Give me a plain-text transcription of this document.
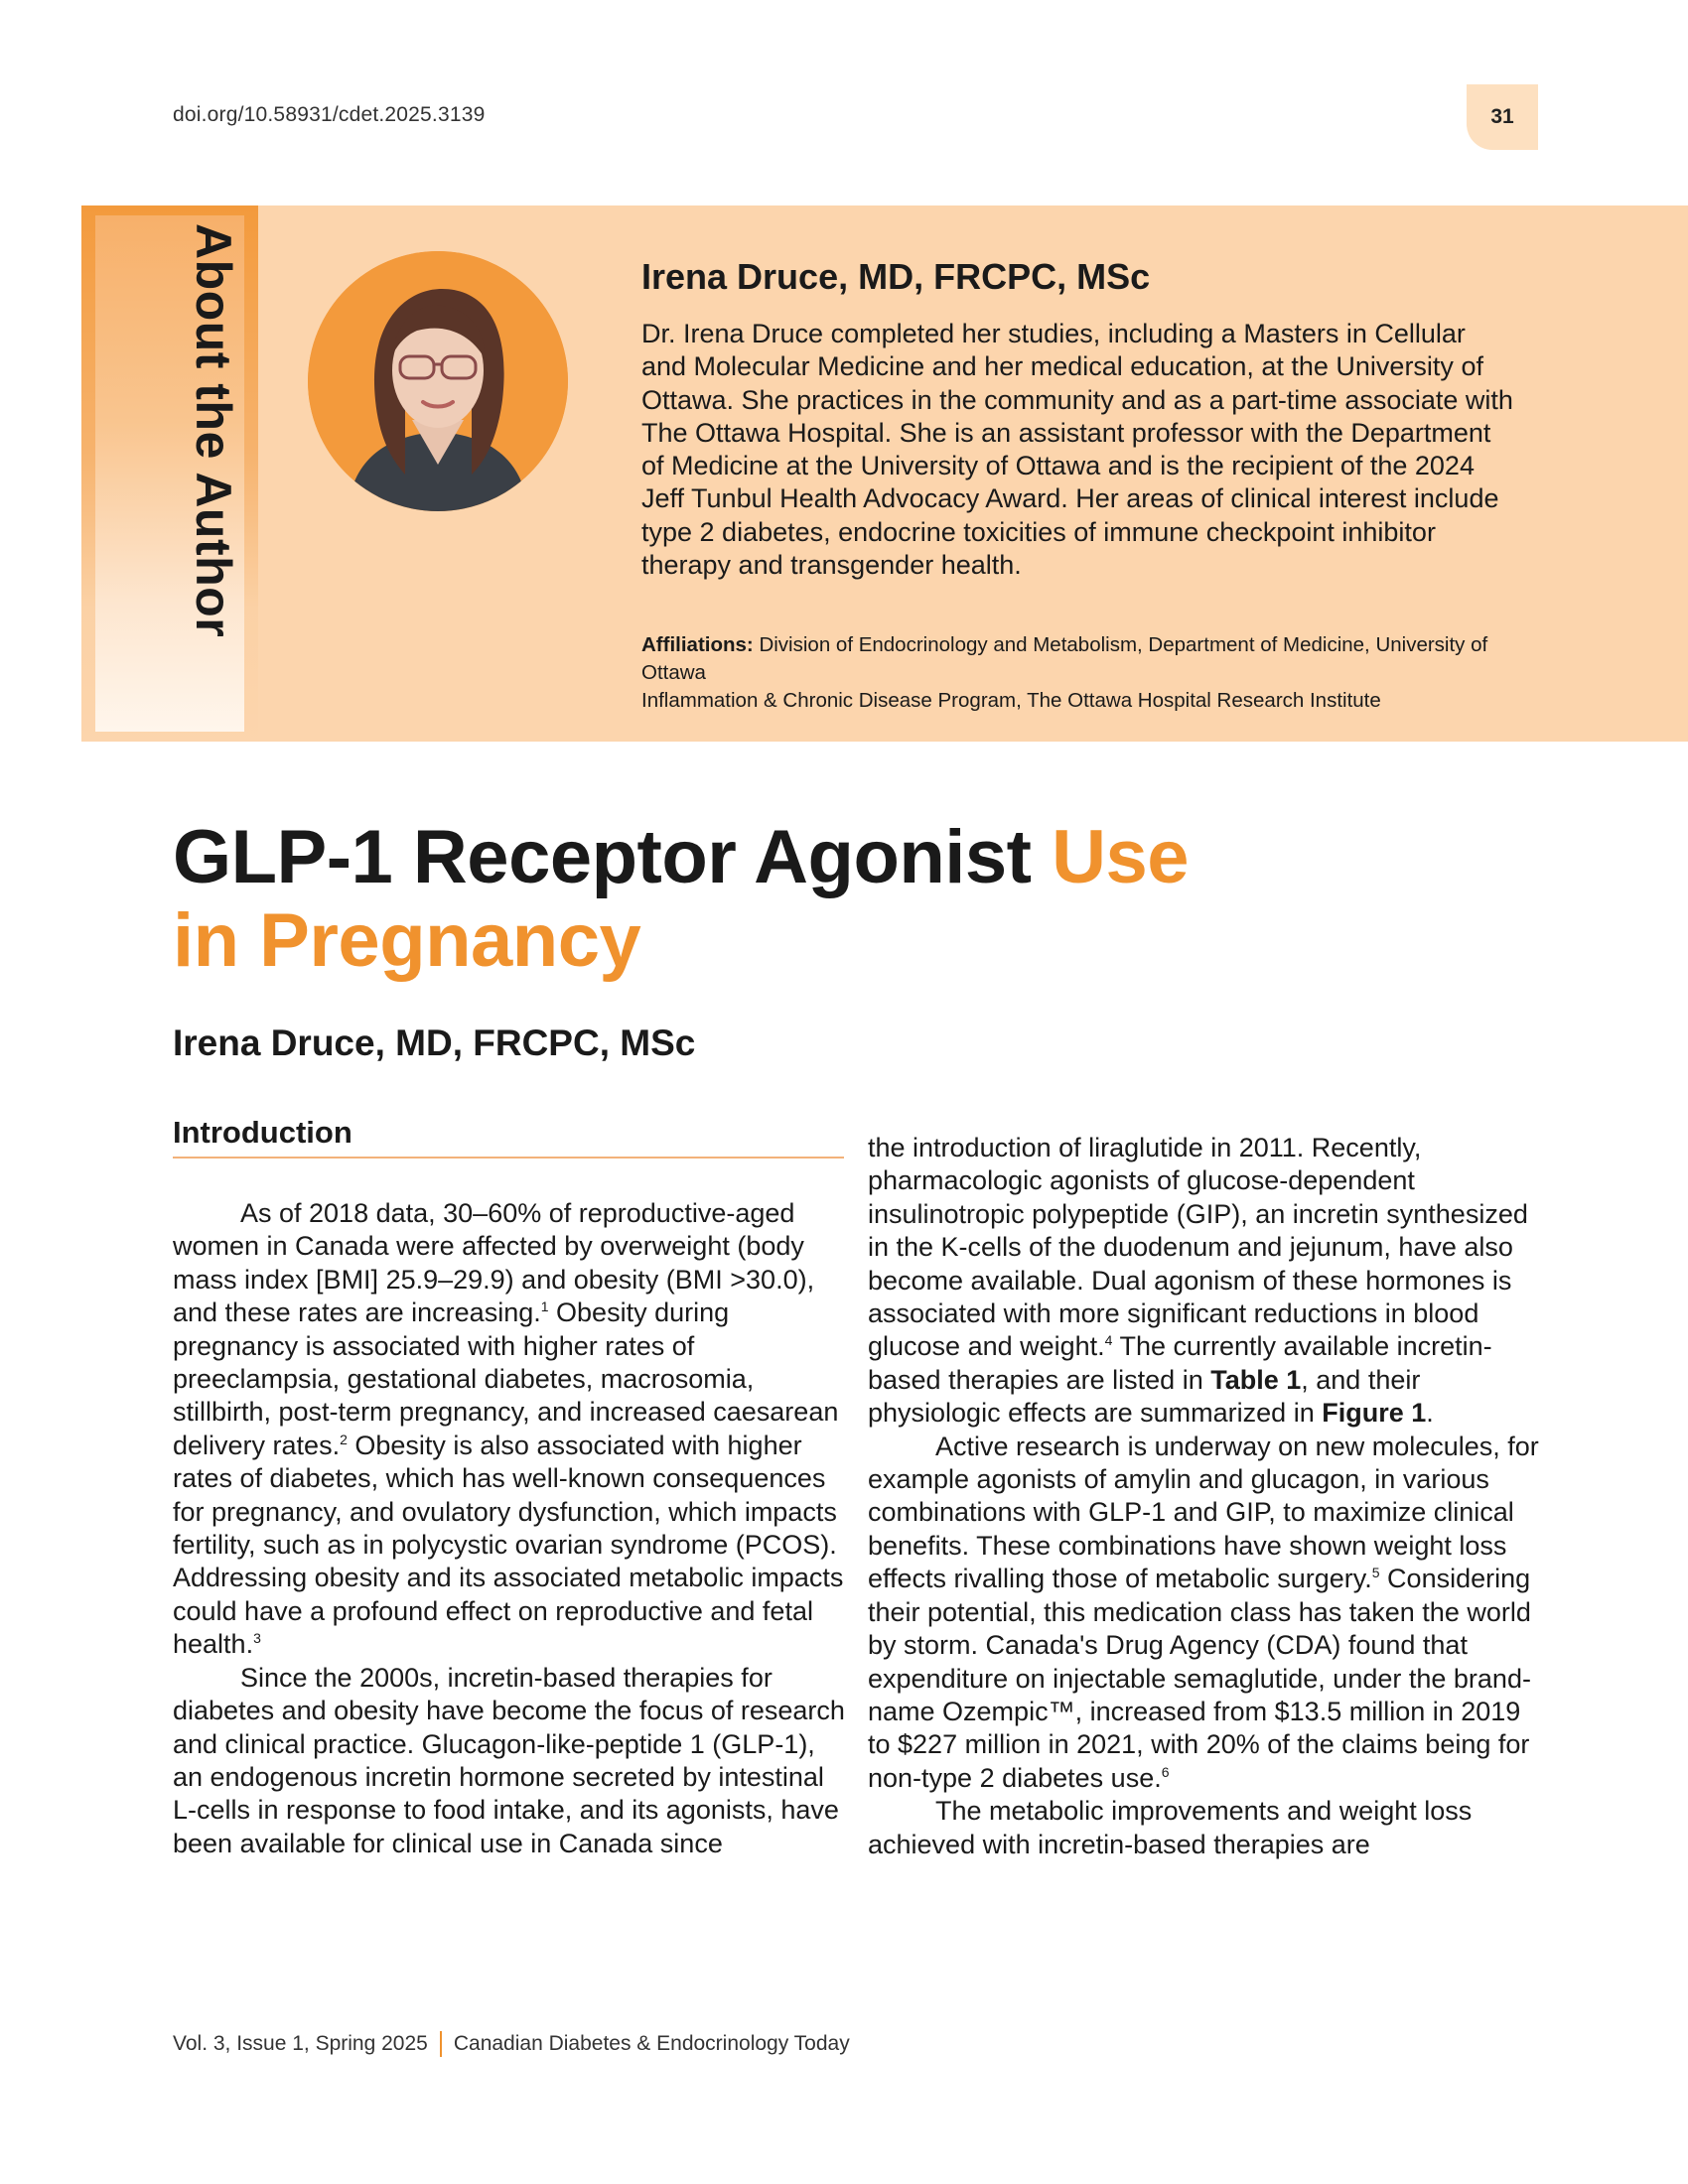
doi.org/10.58931/cdet.2025.3139	31
About the Author	Irena Druce, MD, FRCPC, MSc
Dr. Irena Druce completed her studies, including a Masters in Cellular and Molecular Medicine and her medical education, at the University of Ottawa. She practices in the community and as a part-time associate with The Ottawa Hospital. She is an assistant professor with the Department of Medicine at the University of Ottawa and is the recipient of the 2024 Jeff Tunbul Health Advocacy Award. Her areas of clinical interest include type 2 diabetes, endocrine toxicities of immune checkpoint inhibitor therapy and transgender health.
Affiliations: Division of Endocrinology and Metabolism, Department of Medicine, University of Ottawa
Inflammation & Chronic Disease Program, The Ottawa Hospital Research Institute
GLP-1 Receptor Agonist Use
in Pregnancy
Irena Druce, MD, FRCPC, MSc
Introduction

As of 2018 data, 30–60% of reproductive-aged women in Canada were affected by overweight (body mass index [BMI] 25.9–29.9) and obesity (BMI >30.0), and these rates are increasing.$^1$ Obesity during pregnancy is associated with higher rates of preeclampsia, gestational diabetes, macrosomia, stillbirth, post-term pregnancy, and increased caesarean delivery rates.$^2$ Obesity is also associated with higher rates of diabetes, which has well-known consequences for pregnancy, and ovulatory dysfunction, which impacts fertility, such as in polycystic ovarian syndrome (PCOS). Addressing obesity and its associated metabolic impacts could have a profound effect on reproductive and fetal health.$^3$

Since the 2000s, incretin-based therapies for diabetes and obesity have become the focus of research and clinical practice. Glucagon-like-peptide 1 (GLP-1), an endogenous incretin hormone secreted by intestinal L-cells in response to food intake, and its agonists, have been available for clinical use in Canada since

the introduction of liraglutide in 2011. Recently, pharmacologic agonists of glucose-dependent insulinotropic polypeptide (GIP), an incretin synthesized in the K-cells of the duodenum and jejunum, have also become available. Dual agonism of these hormones is associated with more significant reductions in blood glucose and weight.$^4$ The currently available incretin-based therapies are listed in Table 1, and their physiologic effects are summarized in Figure 1.

Active research is underway on new molecules, for example agonists of amylin and glucagon, in various combinations with GLP-1 and GIP, to maximize clinical benefits. These combinations have shown weight loss effects rivalling those of metabolic surgery.$^5$ Considering their potential, this medication class has taken the world by storm. Canada's Drug Agency (CDA) found that expenditure on injectable semaglutide, under the brand-name Ozempic™, increased from $13.5 million in 2019 to $227 million in 2021, with 20% of the claims being for non-type 2 diabetes use.$^6$

The metabolic improvements and weight loss achieved with incretin-based therapies are

Vol. 3, Issue 1, Spring 2025 Canadian Diabetes & Endocrinology Today
